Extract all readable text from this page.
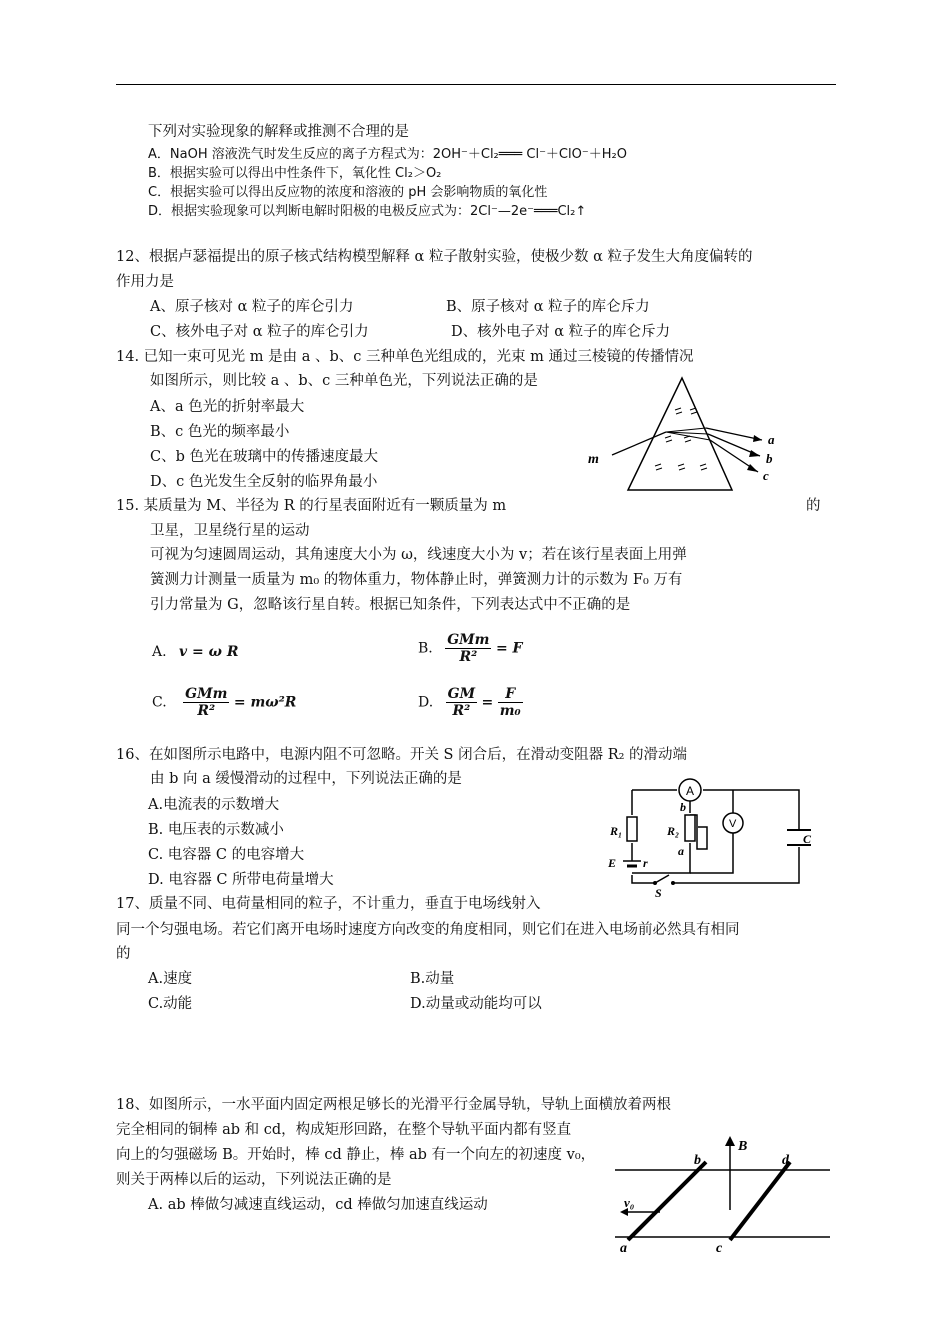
下列对实验现象的解释或推测不合理的是
A．NaOH 溶液洗气时发生反应的离子方程式为：2OH⁻＋Cl₂═══ Cl⁻＋ClO⁻＋H₂O
B．根据实验可以得出中性条件下，氧化性 Cl₂＞O₂
C．根据实验可以得出反应物的浓度和溶液的 pH 会影响物质的氧化性
D．根据实验现象可以判断电解时阳极的电极反应式为：2Cl⁻—2e⁻═══Cl₂↑
12、根据卢瑟福提出的原子核式结构模型解释 α 粒子散射实验，使极少数 α 粒子发生大角度偏转的
作用力是
A、原子核对 α 粒子的库仑引力	B、原子核对 α 粒子的库仑斥力
C、核外电子对 α 粒子的库仑引力	D、核外电子对 α 粒子的库仑斥力
14. 已知一束可见光 m 是由 a 、b、c 三种单色光组成的，光束 m 通过三棱镜的传播情况
如图所示，则比较 a 、b、c 三种单色光，下列说法正确的是
A、a 色光的折射率最大
B、c 色光的频率最小
C、b 色光在玻璃中的传播速度最大
D、c 色光发生全反射的临界角最小
m
a
b
c
15. 某质量为 M、半径为 R 的行星表面附近有一颗质量为 m	的
卫星，卫星绕行星的运动
可视为匀速圆周运动，其角速度大小为 ω，线速度大小为 v；若在该行星表面上用弹
簧测力计测量一质量为 m₀ 的物体重力，物体静止时，弹簧测力计的示数为 F₀ 万有
引力常量为 G，忽略该行星自转。根据已知条件，下列表达式中不正确的是
A. v = ω R	B. $\frac{\text{GMm}}{\text{R²}} = F$
C. $\frac{\text{GMm}}{\text{R²}} = m\omega^2R$	D. $\frac{GM}{\text{R²}} = \frac{F}{\text{m₀}}$
16、在如图所示电路中，电源内阻不可忽略。开关 S 闭合后，在滑动变阻器 R₂ 的滑动端
由 b 向 a 缓慢滑动的过程中，下列说法正确的是
A.电流表的示数增大
B. 电压表的示数减小
C. 电容器 C 的电容增大
D. 电容器 C 所带电荷量增大
A
V
b
a
R₁	R₂
C
E r
S
17、质量不同、电荷量相同的粒子，不计重力，垂直于电场线射入
同一个匀强电场。若它们离开电场时速度方向改变的角度相同，则它们在进入电场前必然具有相同
的
A.速度	B.动量
C.动能	D.动量或动能均可以
18、如图所示，一水平面内固定两根足够长的光滑平行金属导轨，导轨上面横放着两根
完全相同的铜棒 ab 和 cd，构成矩形回路，在整个导轨平面内都有竖直
向上的匀强磁场 B。开始时，棒 cd 静止，棒 ab 有一个向左的初速度 v₀，
则关于两棒以后的运动，下列说法正确的是
A. ab 棒做匀减速直线运动，cd 棒做匀加速直线运动
B
b	d
a	c
v₀
